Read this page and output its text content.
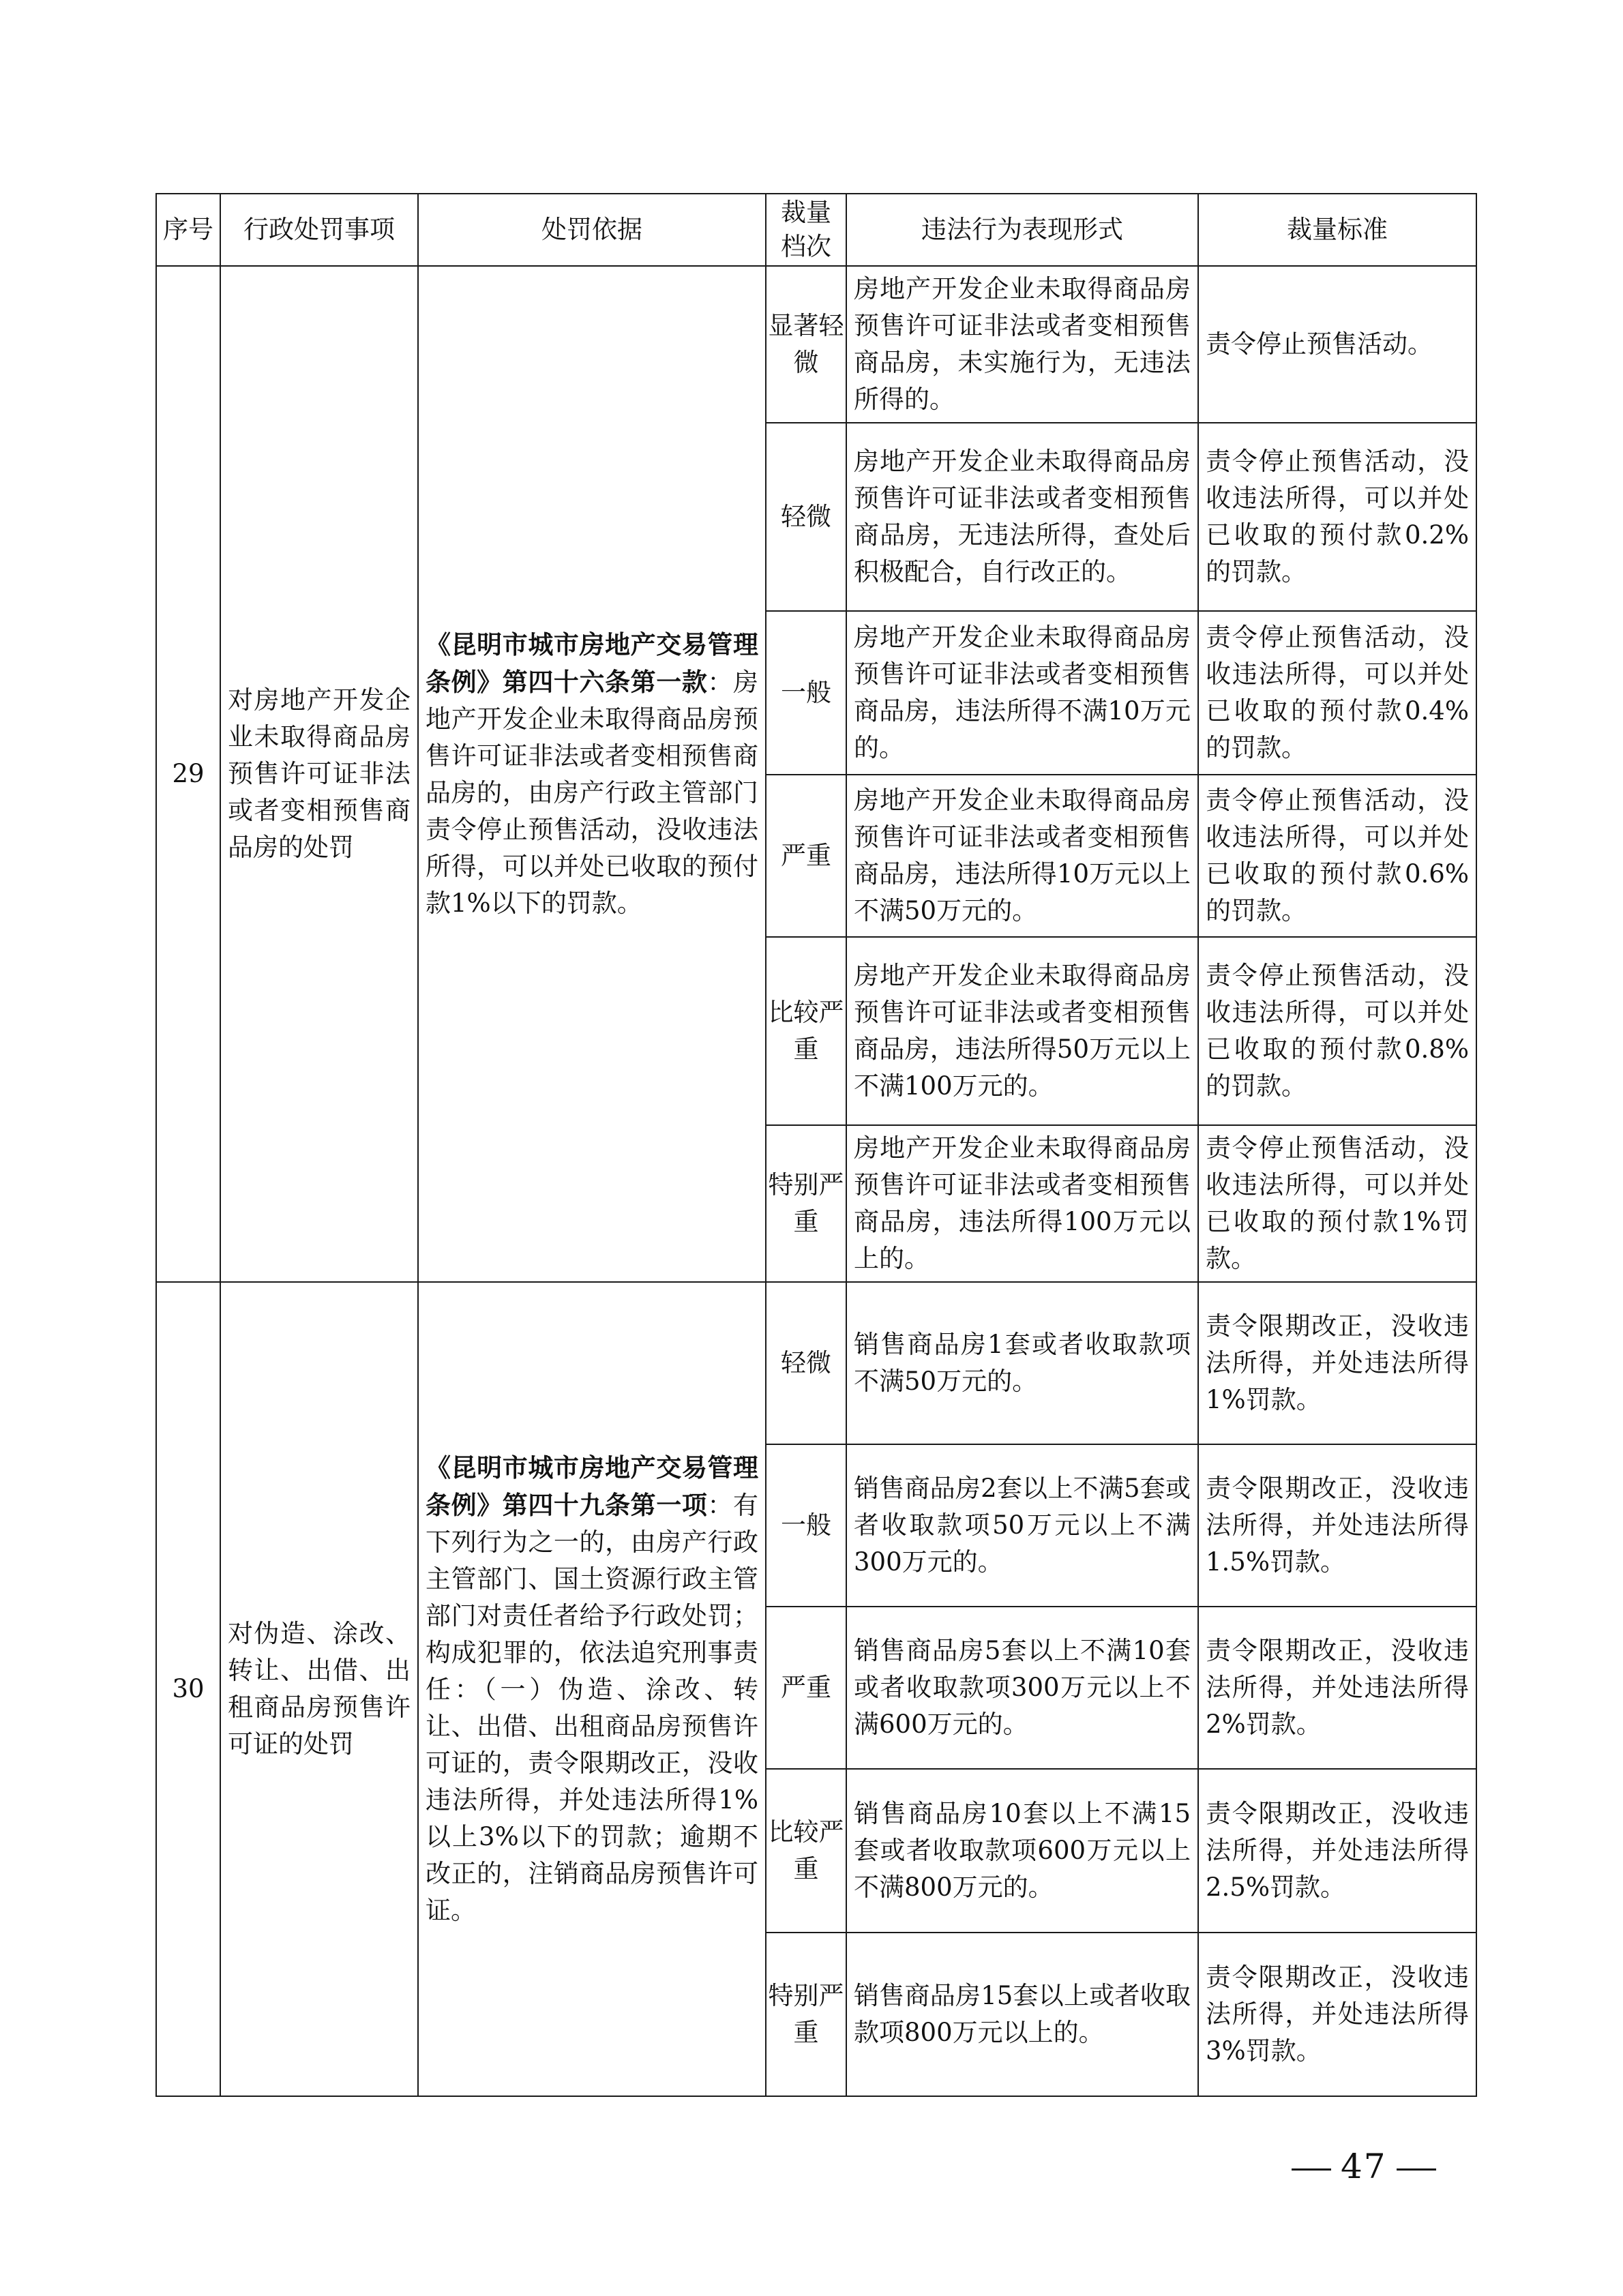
序号	行政处罚事项	处罚依据	裁量档次	违法行为表现形式	裁量标准
29	对房地产开发企业未取得商品房预售许可证非法或者变相预售商品房的处罚	《昆明市城市房地产交易管理条例》第四十六条第一款：房地产开发企业未取得商品房预售许可证非法或者变相预售商品房的，由房产行政主管部门责令停止预售活动，没收违法所得，可以并处已收取的预付款1%以下的罚款。	显著轻微	房地产开发企业未取得商品房预售许可证非法或者变相预售商品房，未实施行为，无违法所得的。	责令停止预售活动。
			轻微	房地产开发企业未取得商品房预售许可证非法或者变相预售商品房，无违法所得，查处后积极配合，自行改正的。	责令停止预售活动，没收违法所得，可以并处已收取的预付款0.2%的罚款。
			一般	房地产开发企业未取得商品房预售许可证非法或者变相预售商品房，违法所得不满10万元的。	责令停止预售活动，没收违法所得，可以并处已收取的预付款0.4%的罚款。
			严重	房地产开发企业未取得商品房预售许可证非法或者变相预售商品房，违法所得10万元以上不满50万元的。	责令停止预售活动，没收违法所得，可以并处已收取的预付款0.6%的罚款。
			比较严重	房地产开发企业未取得商品房预售许可证非法或者变相预售商品房，违法所得50万元以上不满100万元的。	责令停止预售活动，没收违法所得，可以并处已收取的预付款0.8%的罚款。
			特别严重	房地产开发企业未取得商品房预售许可证非法或者变相预售商品房，违法所得100万元以上的。	责令停止预售活动，没收违法所得，可以并处已收取的预付款1%罚款。
30	对伪造、涂改、转让、出借、出租商品房预售许可证的处罚	《昆明市城市房地产交易管理条例》第四十九条第一项：有下列行为之一的，由房产行政主管部门、国土资源行政主管部门对责任者给予行政处罚；构成犯罪的，依法追究刑事责任：（一）伪造、涂改、转让、出借、出租商品房预售许可证的，责令限期改正，没收违法所得，并处违法所得1%以上3%以下的罚款；逾期不改正的，注销商品房预售许可证。	轻微	销售商品房1套或者收取款项不满50万元的。	责令限期改正，没收违法所得，并处违法所得1%罚款。
			一般	销售商品房2套以上不满5套或者收取款项50万元以上不满300万元的。	责令限期改正，没收违法所得，并处违法所得1.5%罚款。
			严重	销售商品房5套以上不满10套或者收取款项300万元以上不满600万元的。	责令限期改正，没收违法所得，并处违法所得2%罚款。
			比较严重	销售商品房10套以上不满15套或者收取款项600万元以上不满800万元的。	责令限期改正，没收违法所得，并处违法所得2.5%罚款。
			特别严重	销售商品房15套以上或者收取款项800万元以上的。	责令限期改正，没收违法所得，并处违法所得3%罚款。
47
